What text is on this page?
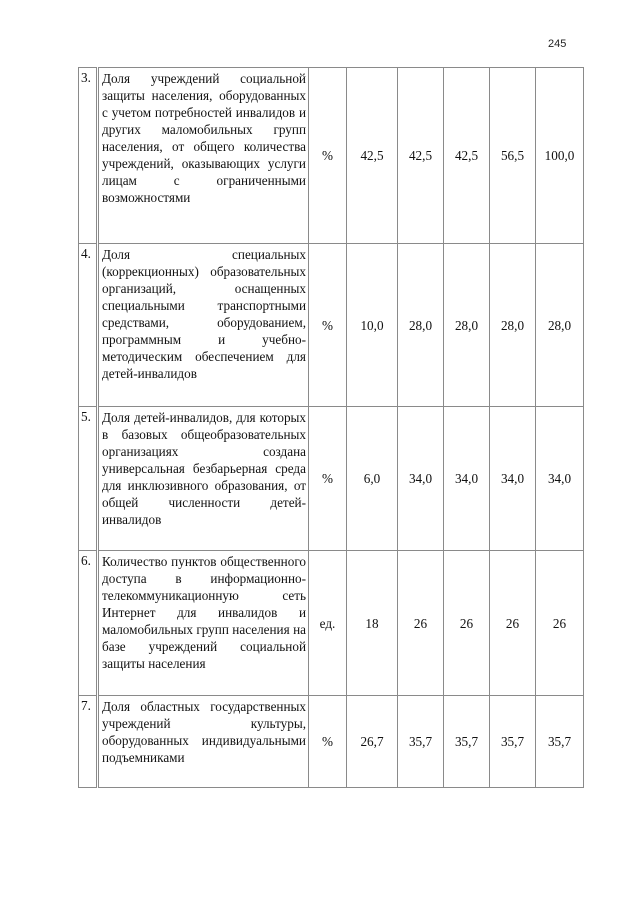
245
3.	Доля учреждений социальной защиты населения, оборудованных с учетом потребностей инвалидов и других маломобильных групп населения, от общего количества учреждений, оказывающих услуги лицам с ограниченными возможностями	%	42,5	42,5	42,5	56,5	100,0
4.	Доля специальных (коррекционных) образовательных организаций, оснащенных специальными транспортными средствами, оборудованием, программным и учебно-методическим обеспечением для детей-инвалидов	%	10,0	28,0	28,0	28,0	28,0
5.	Доля детей-инвалидов, для которых в базовых общеобразовательных организациях создана универсальная безбарьерная среда для инклюзивного образования, от общей численности детей-инвалидов	%	6,0	34,0	34,0	34,0	34,0
6.	Количество пунктов общественного доступа в информационно-телекоммуникационную сеть Интернет для инвалидов и маломобильных групп населения на базе учреждений социальной защиты населения	ед.	18	26	26	26	26
7.	Доля областных государственных учреждений культуры, оборудованных индивидуальными подъемниками	%	26,7	35,7	35,7	35,7	35,7
